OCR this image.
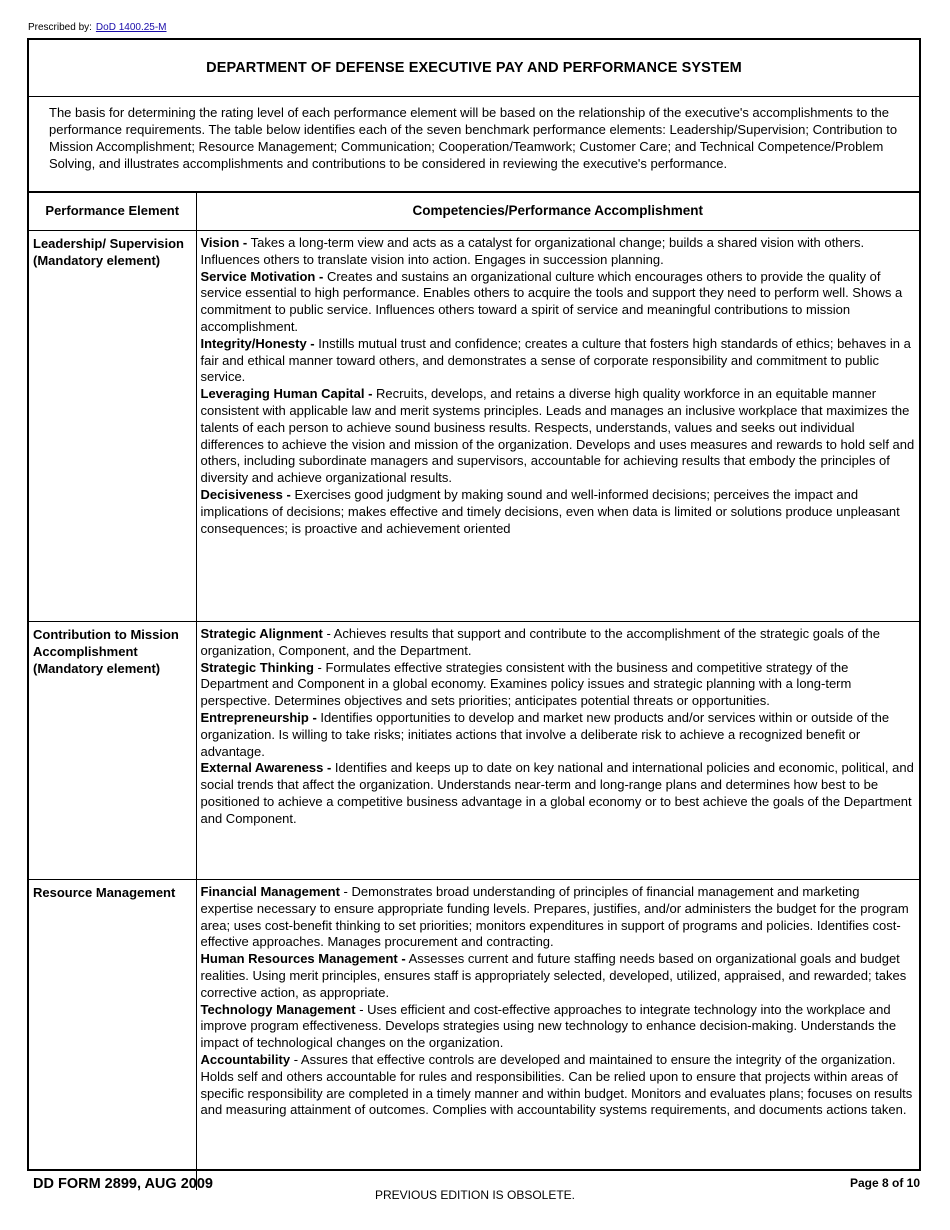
Prescribed by: DoD 1400.25-M
DEPARTMENT OF DEFENSE EXECUTIVE PAY AND PERFORMANCE SYSTEM
The basis for determining the rating level of each performance element will be based on the relationship of the executive's accomplishments to the performance requirements. The table below identifies each of the seven benchmark performance elements: Leadership/Supervision; Contribution to Mission Accomplishment; Resource Management; Communication; Cooperation/Teamwork; Customer Care; and Technical Competence/Problem Solving, and illustrates accomplishments and contributions to be considered in reviewing the executive's performance.
Performance Element	Competencies/Performance Accomplishment
Leadership/ Supervision (Mandatory element)	Vision - Takes a long-term view and acts as a catalyst for organizational change; builds a shared vision with others. Influences others to translate vision into action. Engages in succession planning.
Service Motivation - Creates and sustains an organizational culture which encourages others to provide the quality of service essential to high performance. Enables others to acquire the tools and support they need to perform well. Shows a commitment to public service. Influences others toward a spirit of service and meaningful contributions to mission accomplishment.
Integrity/Honesty - Instills mutual trust and confidence; creates a culture that fosters high standards of ethics; behaves in a fair and ethical manner toward others, and demonstrates a sense of corporate responsibility and commitment to public service.
Leveraging Human Capital - Recruits, develops, and retains a diverse high quality workforce in an equitable manner consistent with applicable law and merit systems principles. Leads and manages an inclusive workplace that maximizes the talents of each person to achieve sound business results. Respects, understands, values and seeks out individual differences to achieve the vision and mission of the organization. Develops and uses measures and rewards to hold self and others, including subordinate managers and supervisors, accountable for achieving results that embody the principles of diversity and achieve organizational results.
Decisiveness - Exercises good judgment by making sound and well-informed decisions; perceives the impact and implications of decisions; makes effective and timely decisions, even when data is limited or solutions produce unpleasant consequences; is proactive and achievement oriented

Contribution to Mission Accomplishment (Mandatory element)	Strategic Alignment - Achieves results that support and contribute to the accomplishment of the strategic goals of the organization, Component, and the Department.
Strategic Thinking - Formulates effective strategies consistent with the business and competitive strategy of the Department and Component in a global economy. Examines policy issues and strategic planning with a long-term perspective. Determines objectives and sets priorities; anticipates potential threats or opportunities.
Entrepreneurship - Identifies opportunities to develop and market new products and/or services within or outside of the organization. Is willing to take risks; initiates actions that involve a deliberate risk to achieve a recognized benefit or advantage.
External Awareness - Identifies and keeps up to date on key national and international policies and economic, political, and social trends that affect the organization. Understands near-term and long-range plans and determines how best to be positioned to achieve a competitive business advantage in a global economy or to best achieve the goals of the Department and Component.

Resource Management	Financial Management - Demonstrates broad understanding of principles of financial management and marketing expertise necessary to ensure appropriate funding levels. Prepares, justifies, and/or administers the budget for the program area; uses cost-benefit thinking to set priorities; monitors expenditures in support of programs and policies. Identifies cost-effective approaches. Manages procurement and contracting.
Human Resources Management - Assesses current and future staffing needs based on organizational goals and budget realities. Using merit principles, ensures staff is appropriately selected, developed, utilized, appraised, and rewarded; takes corrective action, as appropriate.
Technology Management - Uses efficient and cost-effective approaches to integrate technology into the workplace and improve program effectiveness. Develops strategies using new technology to enhance decision-making. Understands the impact of technological changes on the organization.
Accountability - Assures that effective controls are developed and maintained to ensure the integrity of the organization. Holds self and others accountable for rules and responsibilities. Can be relied upon to ensure that projects within areas of specific responsibility are completed in a timely manner and within budget. Monitors and evaluates plans; focuses on results and measuring attainment of outcomes. Complies with accountability systems requirements, and documents actions taken.
DD FORM 2899, AUG 2009
PREVIOUS EDITION IS OBSOLETE.
Page 8 of 10
